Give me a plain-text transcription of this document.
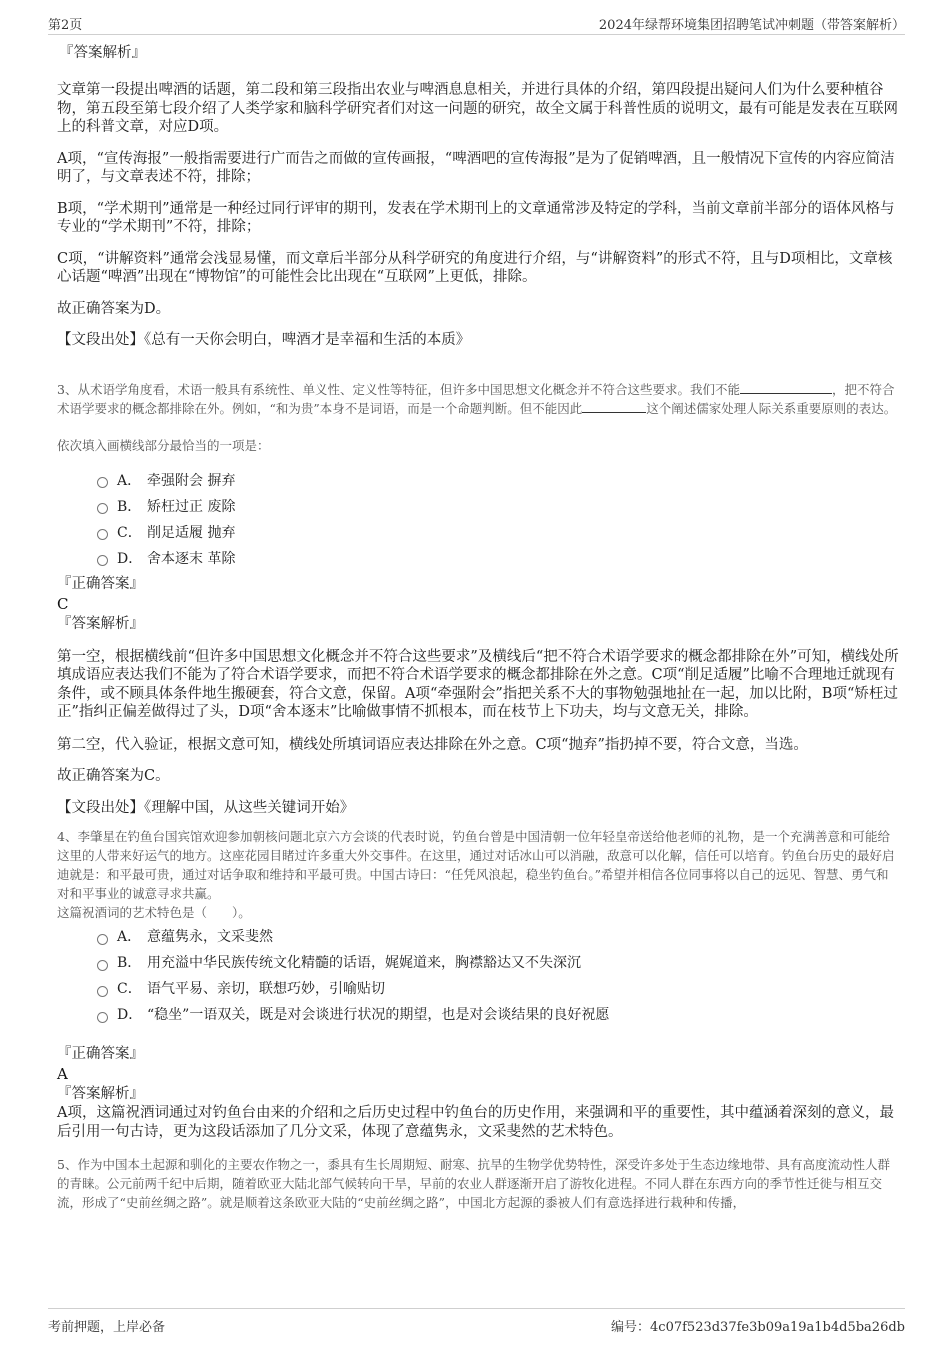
第2页	2024年绿帮环境集团招聘笔试冲刺题（带答案解析）
『答案解析』

文章第一段提出啤酒的话题，第二段和第三段指出农业与啤酒息息相关，并进行具体的介绍，第四段提出疑问人们为什么要种植谷物，第五段至第七段介绍了人类学家和脑科学研究者们对这一问题的研究，故全文属于科普性质的说明文，最有可能是发表在互联网上的科普文章，对应D项。

A项，“宣传海报”一般指需要进行广而告之而做的宣传画报，“啤酒吧的宣传海报”是为了促销啤酒，且一般情况下宣传的内容应简洁明了，与文章表述不符，排除；

B项，“学术期刊”通常是一种经过同行评审的期刊，发表在学术期刊上的文章通常涉及特定的学科，当前文章前半部分的语体风格与专业的“学术期刊”不符，排除；

C项，“讲解资料”通常会浅显易懂，而文章后半部分从科学研究的角度进行介绍，与“讲解资料”的形式不符，且与D项相比，文章核心话题“啤酒”出现在“博物馆”的可能性会比出现在“互联网”上更低，排除。

故正确答案为D。

【文段出处】《总有一天你会明白，啤酒才是幸福和生活的本质》

3、从术语学角度看，术语一般具有系统性、单义性、定义性等特征，但许多中国思想文化概念并不符合这些要求。我们不能	，把不符合术语学要求的概念都排除在外。例如，“和为贵”本身不是词语，而是一个命题判断。但不能因此	这个阐述儒家处理人际关系重要原则的表达。

依次填入画横线部分最恰当的一项是：

A． 牵强附会 摒弃
B． 矫枉过正 废除
C． 削足适履 抛弃
D． 舍本逐末 革除
『正确答案』
C
『答案解析』

第一空，根据横线前“但许多中国思想文化概念并不符合这些要求”及横线后“把不符合术语学要求的概念都排除在外”可知，横线处所填成语应表达我们不能为了符合术语学要求，而把不符合术语学要求的概念都排除在外之意。C项“削足适履”比喻不合理地迁就现有条件，或不顾具体条件地生搬硬套，符合文意，保留。A项“牵强附会”指把关系不大的事物勉强地扯在一起，加以比附，B项“矫枉过正”指纠正偏差做得过了头，D项“舍本逐末”比喻做事情不抓根本，而在枝节上下功夫，均与文意无关，排除。

第二空，代入验证，根据文意可知，横线处所填词语应表达排除在外之意。C项“抛弃”指扔掉不要，符合文意，当选。

故正确答案为C。

【文段出处】《理解中国，从这些关键词开始》

4、李肇星在钓鱼台国宾馆欢迎参加朝核问题北京六方会谈的代表时说，钓鱼台曾是中国清朝一位年轻皇帝送给他老师的礼物，是一个充满善意和可能给这里的人带来好运气的地方。这座花园目睹过许多重大外交事件。在这里，通过对话冰山可以消融，敌意可以化解，信任可以培育。钓鱼台历史的最好启迪就是：和平最可贵，通过对话争取和维持和平最可贵。中国古诗曰：“任凭风浪起，稳坐钓鱼台。”希望并相信各位同事将以自己的远见、智慧、勇气和对和平事业的诚意寻求共赢。

这篇祝酒词的艺术特色是（　　）。

A． 意蕴隽永，文采斐然
B． 用充溢中华民族传统文化精髓的话语，娓娓道来，胸襟豁达又不失深沉
C． 语气平易、亲切，联想巧妙，引喻贴切
D． “稳坐”一语双关，既是对会谈进行状况的期望，也是对会谈结果的良好祝愿
『正确答案』
A
『答案解析』

A项，这篇祝酒词通过对钓鱼台由来的介绍和之后历史过程中钓鱼台的历史作用，来强调和平的重要性，其中蕴涵着深刻的意义，最后引用一句古诗，更为这段话添加了几分文采，体现了意蕴隽永，文采斐然的艺术特色。

5、作为中国本土起源和驯化的主要农作物之一，黍具有生长周期短、耐寒、抗旱的生物学优势特性，深受许多处于生态边缘地带、具有高度流动性人群的青睐。公元前两千纪中后期，随着欧亚大陆北部气候转向干旱，早前的农业人群逐渐开启了游牧化进程。不同人群在东西方向的季节性迁徙与相互交流，形成了“史前丝绸之路”。就是顺着这条欧亚大陆的“史前丝绸之路”，中国北方起源的黍被人们有意选择进行栽种和传播，

考前押题，上岸必备	编号：4c07f523d37fe3b09a19a1b4d5ba26db
